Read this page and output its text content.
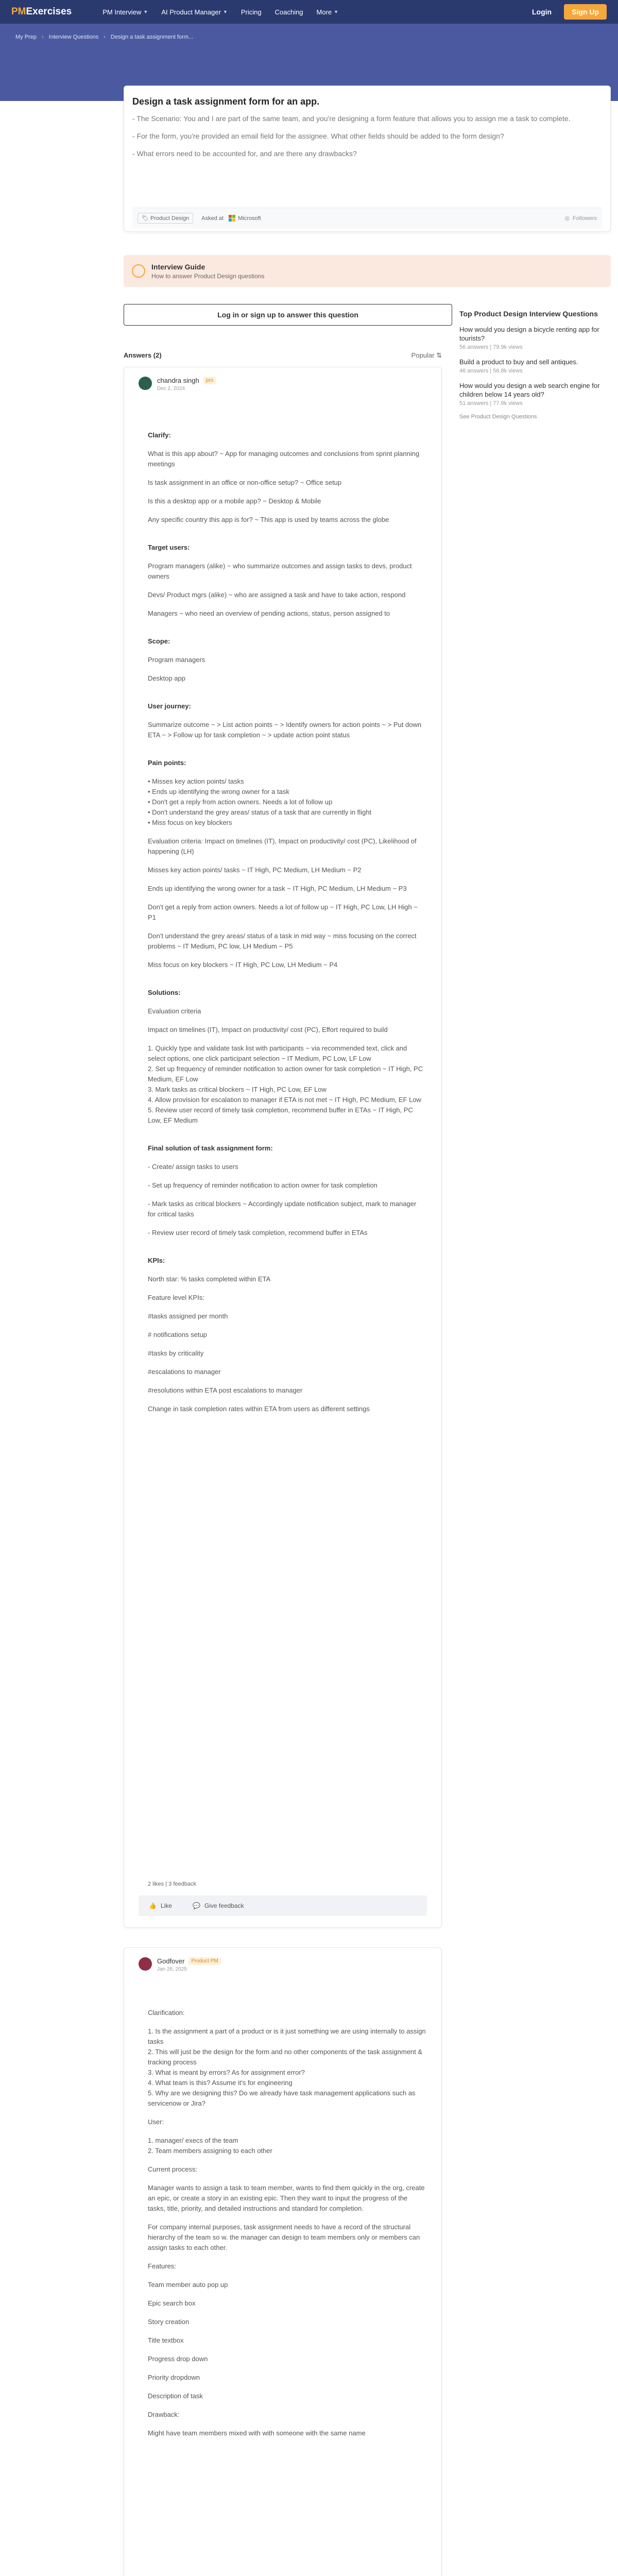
PMExercises	PM Interview ▼ AI Product Manager ▼ Pricing Coaching More ▼	Login	Sign Up
My Prep › Interview Questions › Design a task assignment form...
Design a task assignment form for an app.
- The Scenario: You and I are part of the same team, and you're designing a form feature that allows you to assign me a task to complete.
- For the form, you're provided an email field for the assignee. What other fields should be added to the form design?
- What errors need to be accounted for, and are there any drawbacks?
🏷 Product Design	Asked at	Microsoft	◎ Followers
Interview Guide
How to answer Product Design questions
Log in or sign up to answer this question	Top Product Design Interview Questions
How would you design a bicycle renting app for tourists?
56 answers | 79.9k views
Build a product to buy and sell antiques.
46 answers | 56.8k views
How would you design a web search engine for children below 14 years old?
51 answers | 77.9k views
See Product Design Questions
Answers (2)	Popular ⇅
chandra singh	pro
Dec 2, 2024

Clarify:

What is this app about? ~ App for managing outcomes and conclusions from sprint planning meetings

Is task assignment in an office or non-office setup? ~ Office setup

Is this a desktop app or a mobile app? ~ Desktop & Mobile

Any specific country this app is for? ~ This app is used by teams across the globe

Target users:

Program managers (alike) ~ who summarize outcomes and assign tasks to devs, product owners

Devs/ Product mgrs (alike) ~ who are assigned a task and have to take action, respond

Managers ~ who need an overview of pending actions, status, person assigned to

Scope:

Program managers

Desktop app

User journey:

Summarize outcome ~ > List action points ~ > Identify owners for action points ~ > Put down ETA ~ > Follow up for task completion ~ > update action point status

Pain points:

• Misses key action points/ tasks
• Ends up identifying the wrong owner for a task
• Don't get a reply from action owners. Needs a lot of follow up
• Don't understand the grey areas/ status of a task that are currently in flight
• Miss focus on key blockers

Evaluation criteria: Impact on timelines (IT), Impact on productivity/ cost (PC), Likelihood of happening (LH)

Misses key action points/ tasks ~ IT High, PC Medium, LH Medium ~ P2

Ends up identifying the wrong owner for a task ~ IT High, PC Medium, LH Medium ~ P3

Don't get a reply from action owners. Needs a lot of follow up ~ IT High, PC Low, LH High ~ P1

Don't understand the grey areas/ status of a task in mid way ~ miss focusing on the correct problems ~ IT Medium, PC low, LH Medium ~ P5

Miss focus on key blockers ~ IT High, PC Low, LH Medium ~ P4

Solutions:

Evaluation criteria

Impact on timelines (IT), Impact on productivity/ cost (PC), Effort required to build

1. Quickly type and validate task list with participants ~ via recommended text, click and select options, one click participant selection ~ IT Medium, PC Low, LF Low
2. Set up frequency of reminder notification to action owner for task completion ~ IT High, PC Medium, EF Low
3. Mark tasks as critical blockers ~ IT High, PC Low, EF Low
4. Allow provision for escalation to manager if ETA is not met ~ IT High, PC Medium, EF Low
5. Review user record of timely task completion, recommend buffer in ETAs ~ IT High, PC Low, EF Medium

Final solution of task assignment form:

- Create/ assign tasks to users

- Set up frequency of reminder notification to action owner for task completion

- Mark tasks as critical blockers ~ Accordingly update notification subject, mark to manager for critical tasks

- Review user record of timely task completion, recommend buffer in ETAs

KPIs:

North star: % tasks completed within ETA

Feature level KPIs:

#tasks assigned per month

# notifications setup

#tasks by criticality

#escalations to manager

#resolutions within ETA post escalations to manager

Change in task completion rates within ETA from users as different settings

2 likes | 3 feedback
👍 Like	💬 Give feedback
Godfover	Product PM
Jan 26, 2025

Clarification:

1. Is the assignment a part of a product or is it just something we are using internally to assign tasks
2. This will just be the design for the form and no other components of the task assignment & tracking process
3. What is meant by errors? As for assignment error?
4. What team is this? Assume it's for engineering
5. Why are we designing this? Do we already have task management applications such as servicenow or Jira?

User:

1. manager/ execs of the team
2. Team members assigning to each other

Current process:

Manager wants to assign a task to team member, wants to find them quickly in the org, create an epic, or create a story in an existing epic. Then they want to input the progress of the tasks, title, priority, and detailed instructions and standard for completion.

For company internal purposes, task assignment needs to have a record of the structural hierarchy of the team so w. the manager can design to team members only or members can assign tasks to each other.

Features:

Team member auto pop up

Epic search box

Story creation

Title textbox

Progress drop down

Priority dropdown

Description of task

Drawback:

Might have team members mixed with with someone with the same name
